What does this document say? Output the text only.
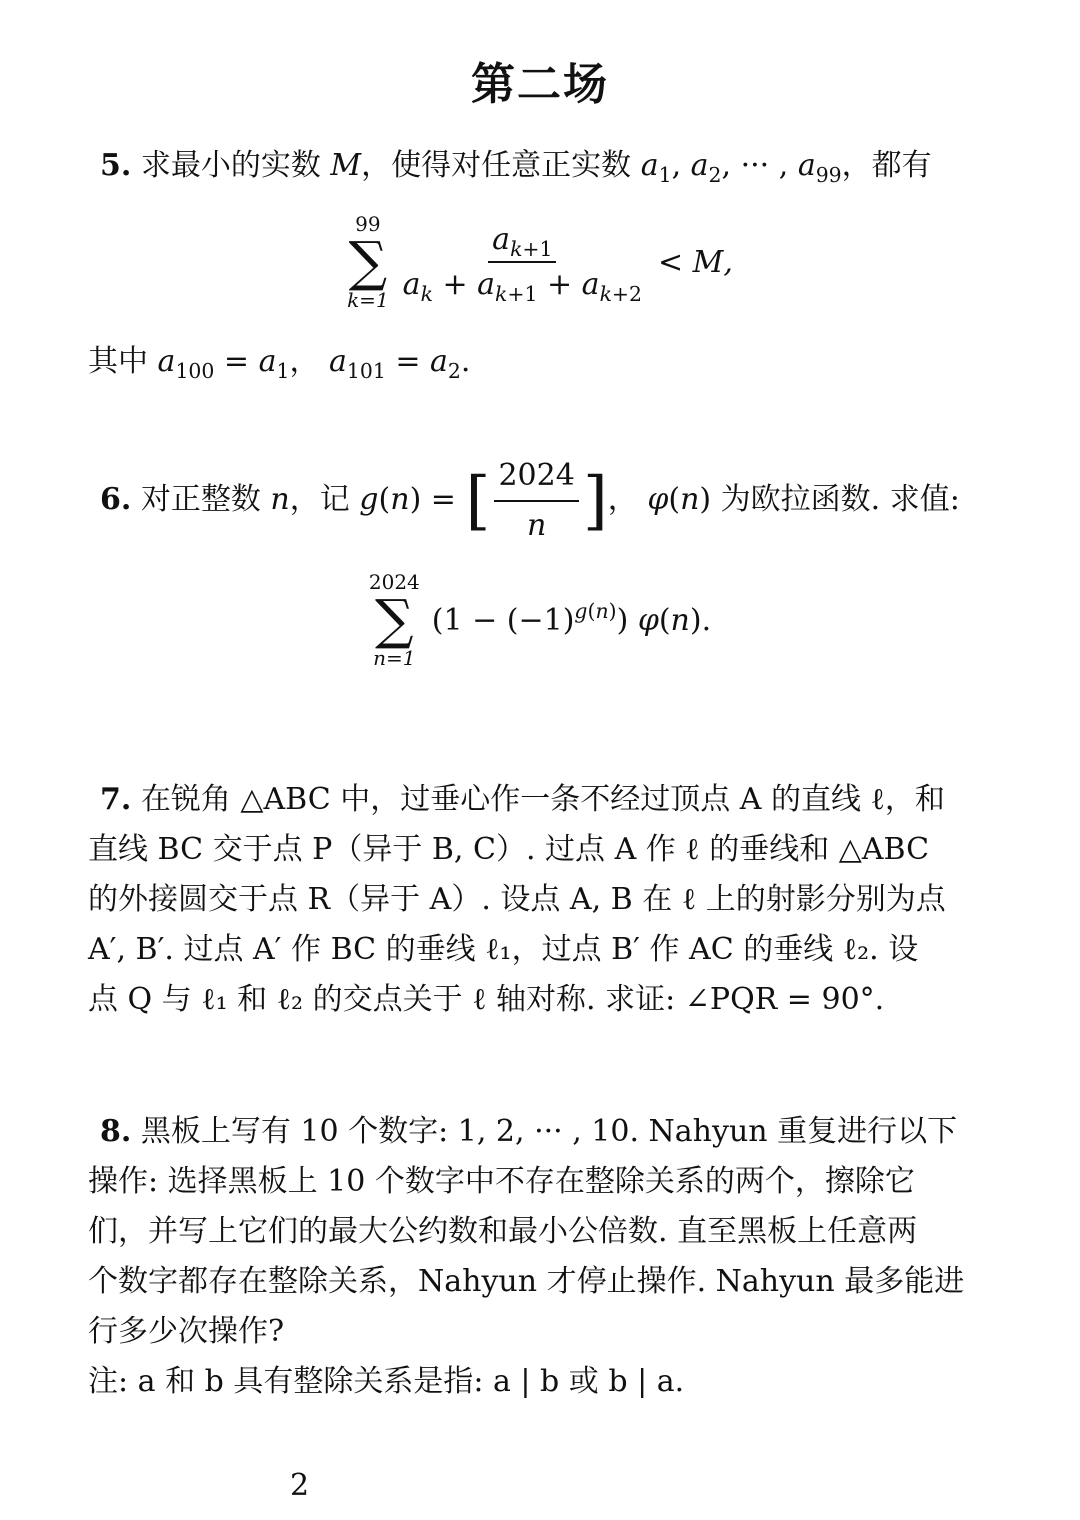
第二场
5. 求最小的实数 M，使得对任意正实数 $a_1$, $a_2$, ··· , $a_{99}$，都有
99
∑
$k=1 \frac{a_{k+1}}{a_k + a_{k+1} + a_{k+2}} < M$,
其中 $a_{100} = a_1$， $a_{101} = a_2$.
6. 对正整数 n，记 g(n) = [ $\frac{2024}{n}$ ] ， φ(n) 为欧拉函数. 求值:
2024
∑
n=1
$(1 - (-1)^{g(n)})$ φ(n).
7. 在锐角 △ABC 中，过垂心作一条不经过顶点 A 的直线 ℓ，和
直线 BC 交于点 P（异于 B, C）. 过点 A 作 ℓ 的垂线和 △ABC
的外接圆交于点 R（异于 A）. 设点 A, B 在 ℓ 上的射影分别为点
A′, B′. 过点 A′ 作 BC 的垂线 ℓ₁，过点 B′ 作 AC 的垂线 ℓ₂. 设
点 Q 与 ℓ₁ 和 ℓ₂ 的交点关于 ℓ 轴对称. 求证: ∠PQR = 90°.
8. 黑板上写有 10 个数字: 1, 2, ··· , 10. Nahyun 重复进行以下
操作: 选择黑板上 10 个数字中不存在整除关系的两个，擦除它
们，并写上它们的最大公约数和最小公倍数. 直至黑板上任意两
个数字都存在整除关系，Nahyun 才停止操作. Nahyun 最多能进
行多少次操作?
注: a 和 b 具有整除关系是指: a | b 或 b | a.
2
